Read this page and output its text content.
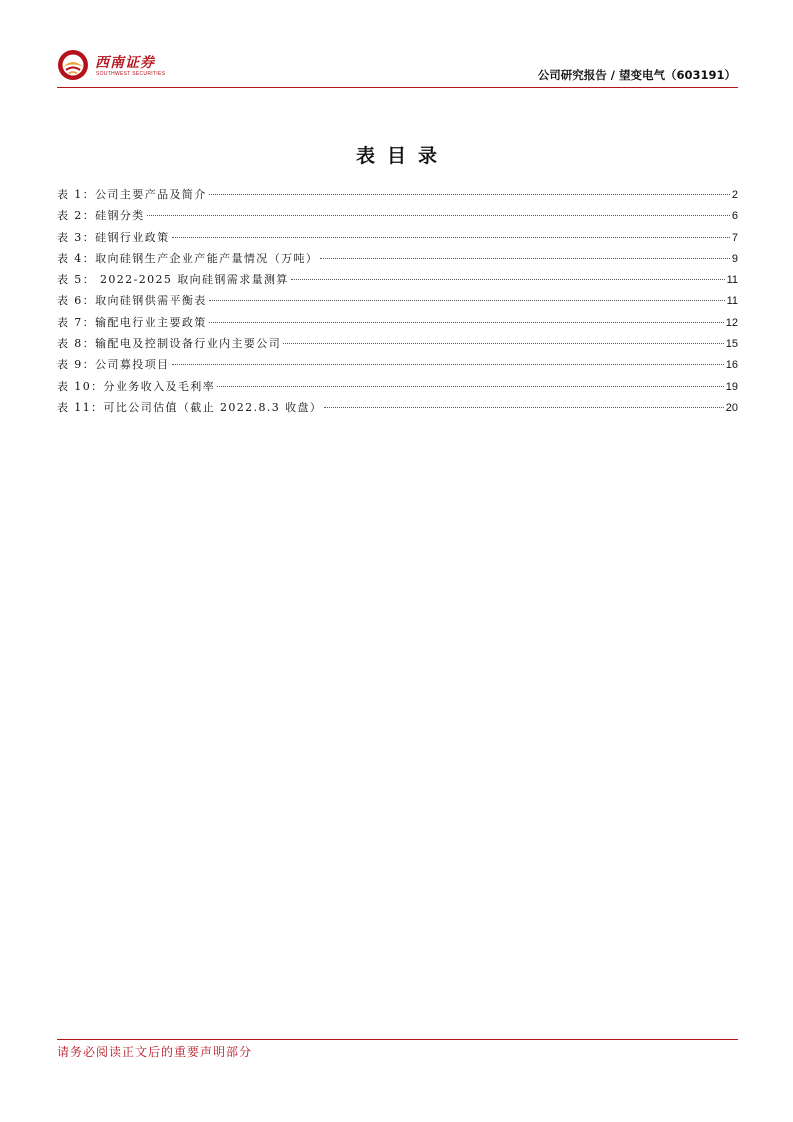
西南证券
SOUTHWEST SECURITIES	公司研究报告 / 望变电气（603191）
表目录
表 1：公司主要产品及简介	2
表 2：硅钢分类	6
表 3：硅钢行业政策	7
表 4：取向硅钢生产企业产能产量情况（万吨）	9
表 5： 2022-2025 取向硅钢需求量测算	11
表 6：取向硅钢供需平衡表	11
表 7：输配电行业主要政策	12
表 8：输配电及控制设备行业内主要公司	15
表 9：公司募投项目	16
表 10：分业务收入及毛利率	19
表 11：可比公司估值（截止 2022.8.3 收盘）	20
请务必阅读正文后的重要声明部分
